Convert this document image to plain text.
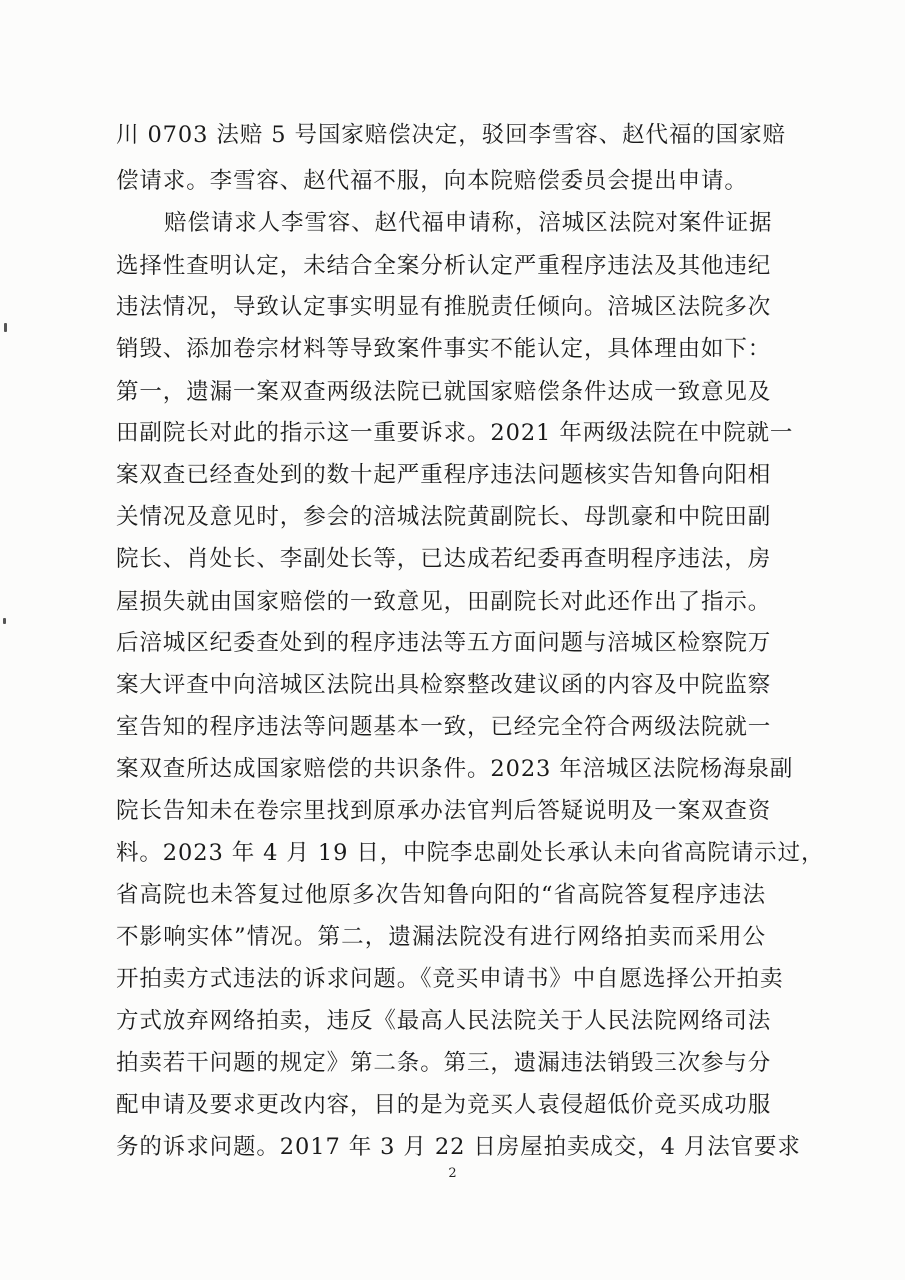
川 0703 法赔 5 号国家赔偿决定，驳回李雪容、赵代福的国家赔
偿请求。李雪容、赵代福不服，向本院赔偿委员会提出申请。
赔偿请求人李雪容、赵代福申请称，涪城区法院对案件证据
选择性查明认定，未结合全案分析认定严重程序违法及其他违纪
违法情况，导致认定事实明显有推脱责任倾向。涪城区法院多次
销毁、添加卷宗材料等导致案件事实不能认定，具体理由如下：
第一，遗漏一案双查两级法院已就国家赔偿条件达成一致意见及
田副院长对此的指示这一重要诉求。2021 年两级法院在中院就一
案双查已经查处到的数十起严重程序违法问题核实告知鲁向阳相
关情况及意见时，参会的涪城法院黄副院长、母凯豪和中院田副
院长、肖处长、李副处长等，已达成若纪委再查明程序违法，房
屋损失就由国家赔偿的一致意见，田副院长对此还作出了指示。
后涪城区纪委查处到的程序违法等五方面问题与涪城区检察院万
案大评查中向涪城区法院出具检察整改建议函的内容及中院监察
室告知的程序违法等问题基本一致，已经完全符合两级法院就一
案双查所达成国家赔偿的共识条件。2023 年涪城区法院杨海泉副
院长告知未在卷宗里找到原承办法官判后答疑说明及一案双查资
料。2023 年 4 月 19 日，中院李忠副处长承认未向省高院请示过，
省高院也未答复过他原多次告知鲁向阳的“省高院答复程序违法
不影响实体”情况。第二，遗漏法院没有进行网络拍卖而采用公
开拍卖方式违法的诉求问题。《竞买申请书》中自愿选择公开拍卖
方式放弃网络拍卖，违反《最高人民法院关于人民法院网络司法
拍卖若干问题的规定》第二条。第三，遗漏违法销毁三次参与分
配申请及要求更改内容，目的是为竞买人袁侵超低价竞买成功服
务的诉求问题。2017 年 3 月 22 日房屋拍卖成交，4 月法官要求
2
